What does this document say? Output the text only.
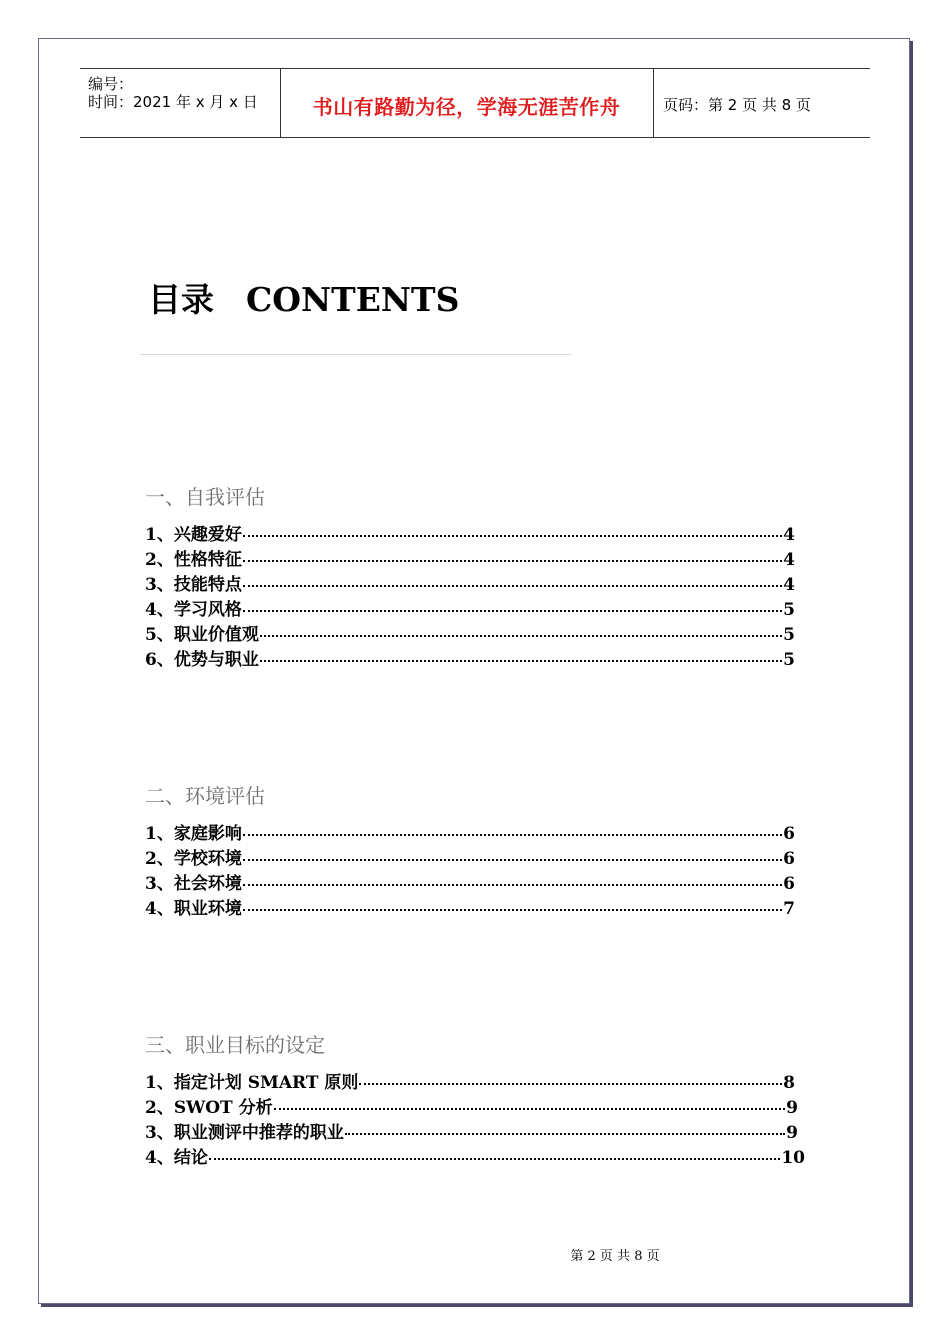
编号：
时间：2021 年 x 月 x 日	书山有路勤为径，学海无涯苦作舟	页码：第 2 页 共 8 页
目录 CONTENTS
一、自我评估
1、兴趣爱好	4
2、性格特征	4
3、技能特点	4
4、学习风格	5
5、职业价值观	5
6、优势与职业	5
二、环境评估
1、家庭影响	6
2、学校环境	6
3、社会环境	6
4、职业环境	7
三、职业目标的设定
1、指定计划 SMART 原则	8
2、SWOT 分析	9
3、职业测评中推荐的职业	9
4、结论	10
第 2 页 共 8 页
